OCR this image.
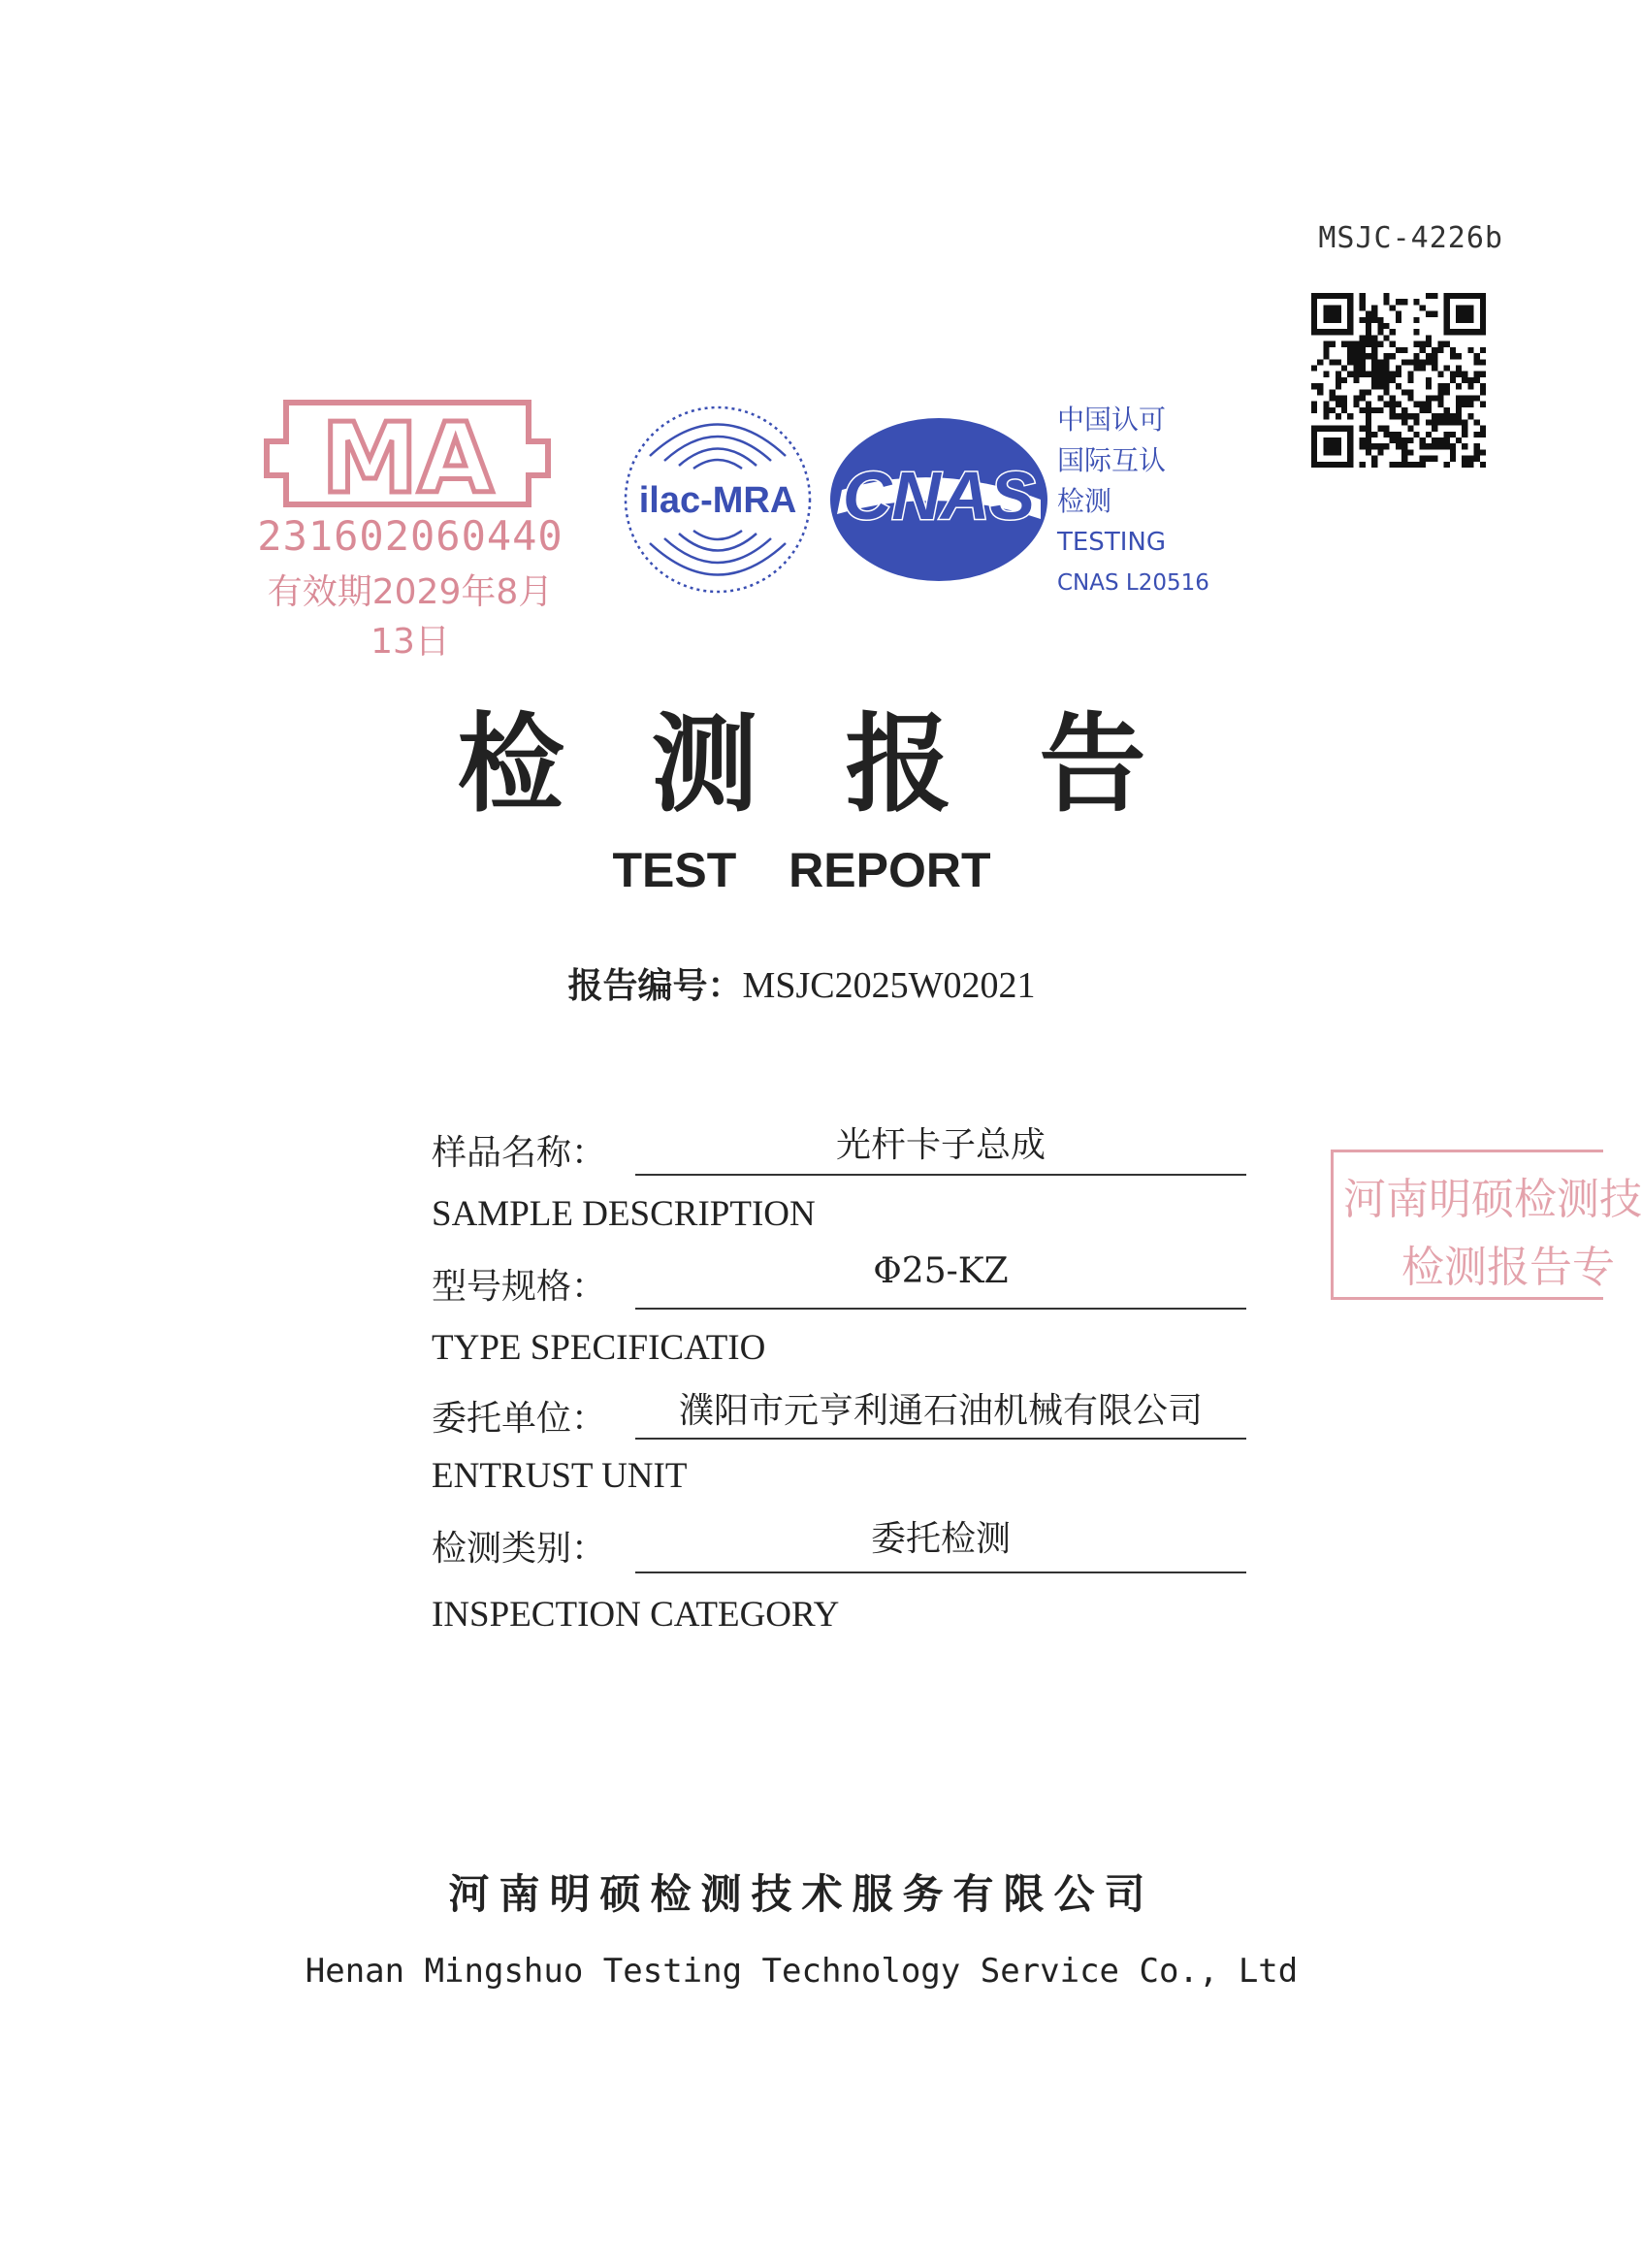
MSJC-4226b
MA
231602060440
有效期2029年8月13日
ilac-MRA CNAS
中国认可
国际互认
检测
TESTING
CNAS L20516
检测报告
TEST REPORT
报告编号：MSJC2025W02021
样品名称：	光杆卡子总成
SAMPLE DESCRIPTION
型号规格：	Φ25-KZ
TYPE SPECIFICATIO
委托单位：	濮阳市元亨利通石油机械有限公司
ENTRUST UNIT
检测类别：	委托检测
INSPECTION CATEGORY
河南明硕检测技
检测报告专
河南明硕检测技术服务有限公司
Henan Mingshuo Testing Technology Service Co., Ltd
